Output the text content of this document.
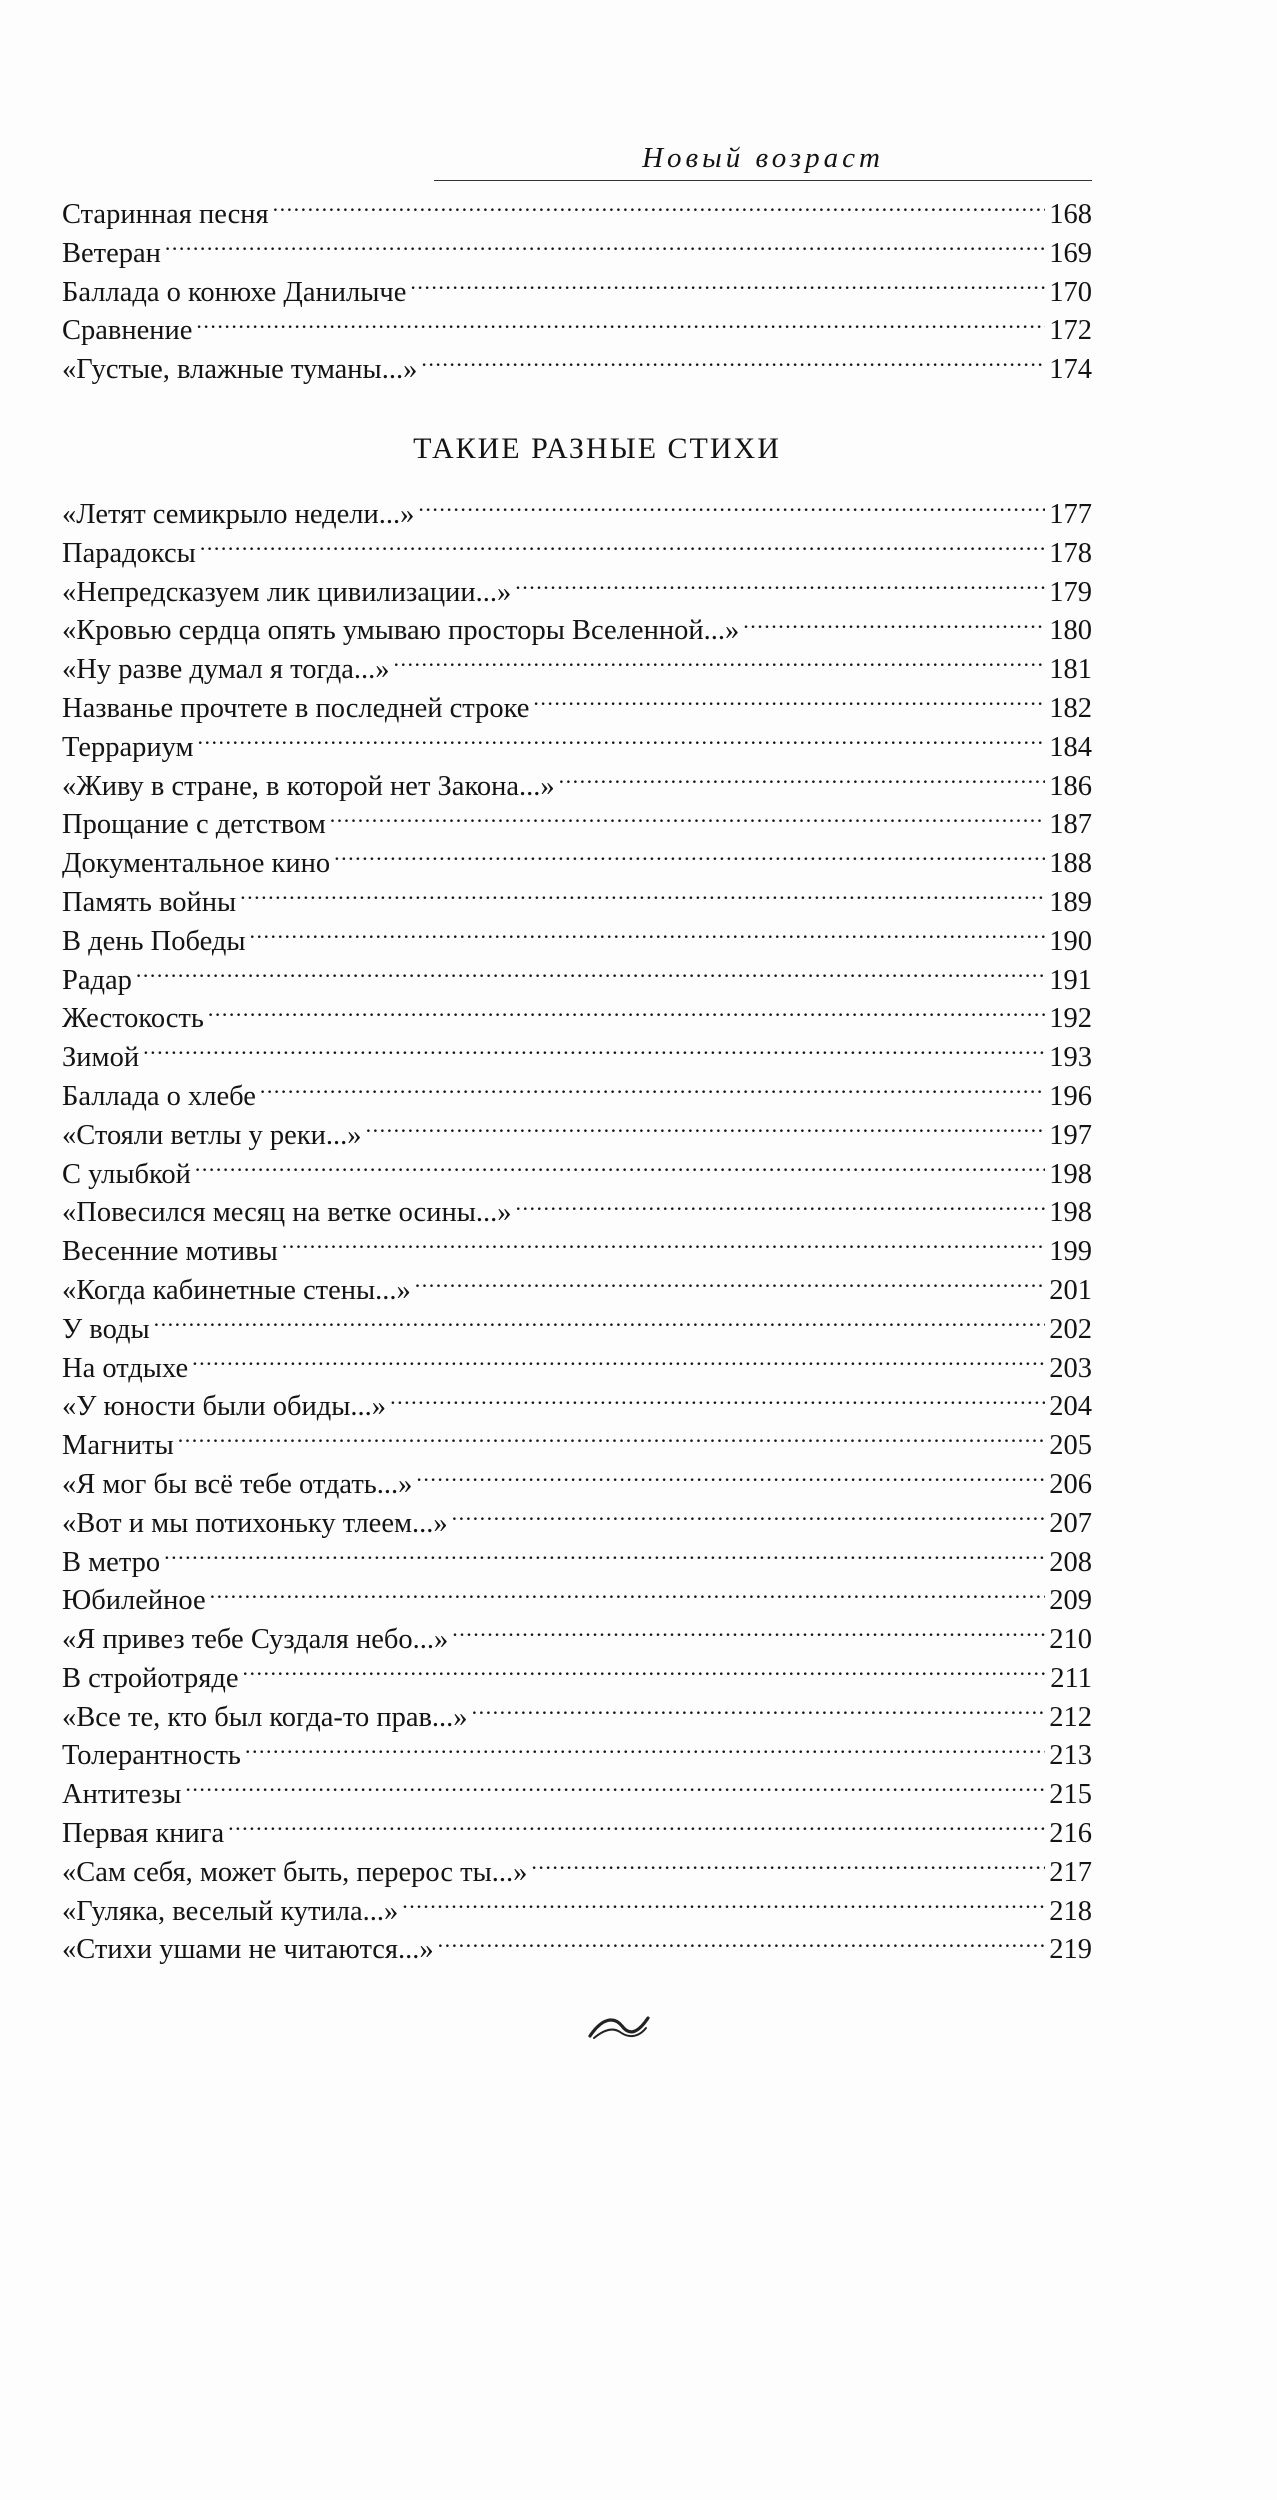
Новый возраст
Старинная песня . . .	168
Ветеран . . .	169
Баллада о конюхе Данилыче . . .	170
Сравнение . . .	172
«Густые, влажные туманы...» . . .	174
ТАКИЕ РАЗНЫЕ СТИХИ
«Летят семикрыло недели...» . . .	177
Парадоксы . . .	178
«Непредсказуем лик цивилизации...» . . .	179
«Кровью сердца опять умываю просторы Вселенной...» . . .	180
«Ну разве думал я тогда...» . . .	181
Названье прочтете в последней строке . . .	182
Террариум . . .	184
«Живу в стране, в которой нет Закона...» . . .	186
Прощание с детством . . .	187
Документальное кино . . .	188
Память войны . . .	189
В день Победы . . .	190
Радар . . .	191
Жестокость . . .	192
Зимой . . .	193
Баллада о хлебе . . .	196
«Стояли ветлы у реки...» . . .	197
С улыбкой . . .	198
«Повесился месяц на ветке осины...» . . .	198
Весенние мотивы . . .	199
«Когда кабинетные стены...» . . .	201
У воды . . .	202
На отдыхе . . .	203
«У юности были обиды...» . . .	204
Магниты . . .	205
«Я мог бы всё тебе отдать...» . . .	206
«Вот и мы потихоньку тлеем...» . . .	207
В метро . . .	208
Юбилейное . . .	209
«Я привез тебе Суздаля небо...» . . .	210
В стройотряде . . .	211
«Все те, кто был когда-то прав...» . . .	212
Толерантность . . .	213
Антитезы . . .	215
Первая книга . . .	216
«Сам себя, может быть, перерос ты...» . . .	217
«Гуляка, веселый кутила...» . . .	218
«Стихи ушами не читаются...» . . .	219
